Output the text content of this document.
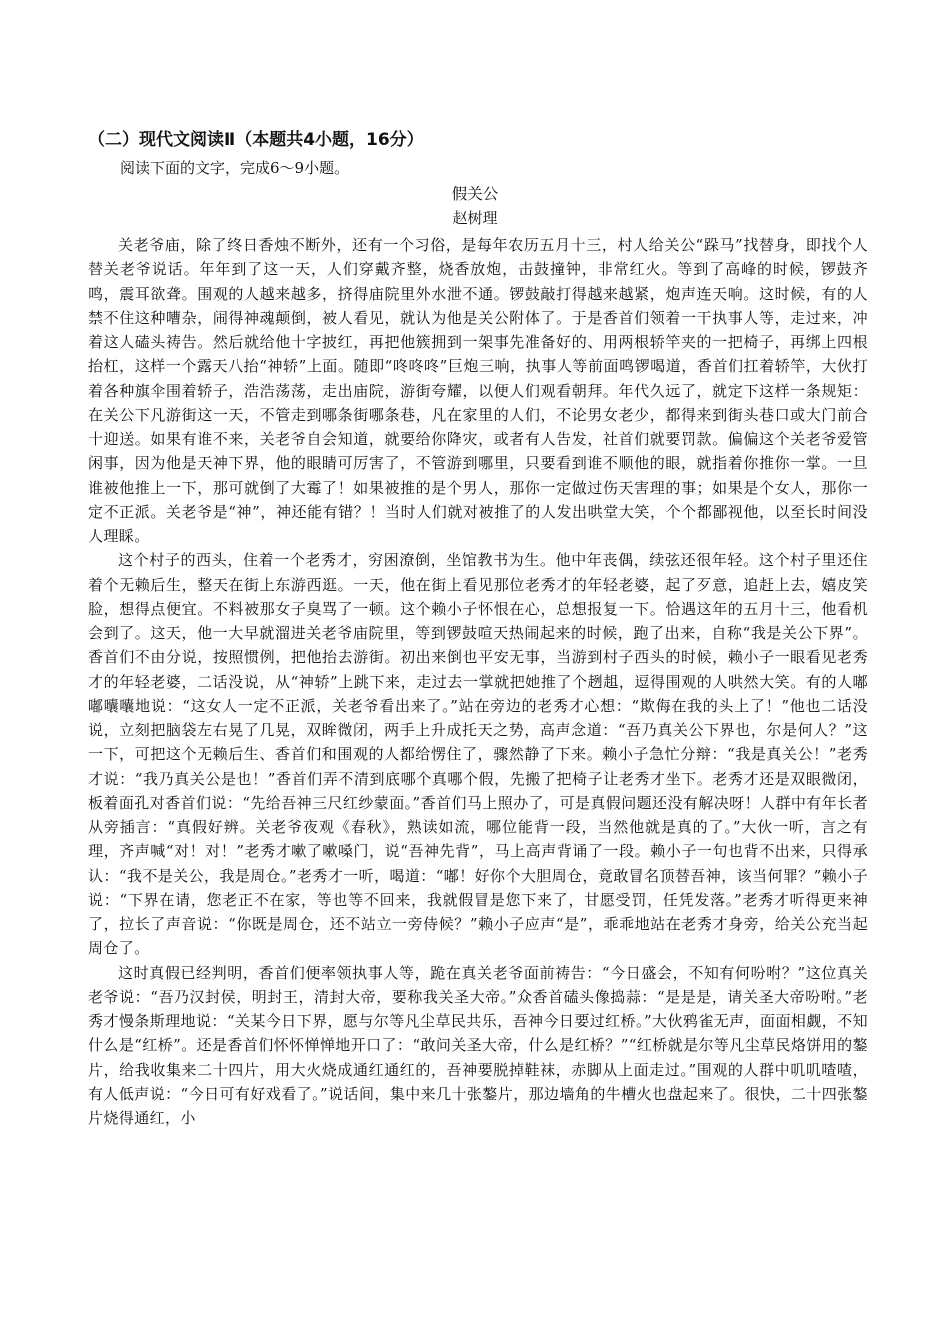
（二）现代文阅读Ⅱ（本题共4小题，16分）
阅读下面的文字，完成6～9小题。
假关公
赵树理

关老爷庙，除了终日香烛不断外，还有一个习俗，是每年农历五月十三，村人给关公“跺马”找替身，即找个人替关老爷说话。年年到了这一天，人们穿戴齐整，烧香放炮，击鼓撞钟，非常红火。等到了高峰的时候，锣鼓齐鸣，震耳欲聋。围观的人越来越多，挤得庙院里外水泄不通。锣鼓敲打得越来越紧，炮声连天响。这时候，有的人禁不住这种嘈杂，闹得神魂颠倒，被人看见，就认为他是关公附体了。于是香首们领着一干执事人等，走过来，冲着这人磕头祷告。然后就给他十字披红，再把他簇拥到一架事先准备好的、用两根轿竿夹的一把椅子，再绑上四根抬杠，这样一个露天八抬“神轿”上面。随即“咚咚咚”巨炮三响，执事人等前面鸣锣喝道，香首们扛着轿竿，大伙打着各种旗伞围着轿子，浩浩荡荡，走出庙院，游街夸耀，以便人们观看朝拜。年代久远了，就定下这样一条规矩：在关公下凡游街这一天，不管走到哪条街哪条巷，凡在家里的人们，不论男女老少，都得来到街头巷口或大门前合十迎送。如果有谁不来，关老爷自会知道，就要给你降灾，或者有人告发，社首们就要罚款。偏偏这个关老爷爱管闲事，因为他是天神下界，他的眼睛可厉害了，不管游到哪里，只要看到谁不顺他的眼，就指着你推你一掌。一旦谁被他推上一下，那可就倒了大霉了！如果被推的是个男人，那你一定做过伤天害理的事；如果是个女人，那你一定不正派。关老爷是“神”，神还能有错？！当时人们就对被推了的人发出哄堂大笑，个个都鄙视他，以至长时间没人理睬。

这个村子的西头，住着一个老秀才，穷困潦倒，坐馆教书为生。他中年丧偶，续弦还很年轻。这个村子里还住着个无赖后生，整天在街上东游西逛。一天，他在街上看见那位老秀才的年轻老婆，起了歹意，追赶上去，嬉皮笑脸，想得点便宜。不料被那女子臭骂了一顿。这个赖小子怀恨在心，总想报复一下。恰遇这年的五月十三，他看机会到了。这天，他一大早就溜进关老爷庙院里，等到锣鼓喧天热闹起来的时候，跑了出来，自称“我是关公下界”。香首们不由分说，按照惯例，把他抬去游街。初出来倒也平安无事，当游到村子西头的时候，赖小子一眼看见老秀才的年轻老婆，二话没说，从“神轿”上跳下来，走过去一掌就把她推了个趔趄，逗得围观的人哄然大笑。有的人嘟嘟囔囔地说：“这女人一定不正派，关老爷看出来了。”站在旁边的老秀才心想：“欺侮在我的头上了！”他也二话没说，立刻把脑袋左右晃了几晃，双眸微闭，两手上升成托天之势，高声念道：“吾乃真关公下界也，尔是何人？”这一下，可把这个无赖后生、香首们和围观的人都给愣住了，骤然静了下来。赖小子急忙分辩：“我是真关公！”老秀才说：“我乃真关公是也！”香首们弄不清到底哪个真哪个假，先搬了把椅子让老秀才坐下。老秀才还是双眼微闭，板着面孔对香首们说：“先给吾神三尺红纱蒙面。”香首们马上照办了，可是真假问题还没有解决呀！人群中有年长者从旁插言：“真假好辨。关老爷夜观《春秋》，熟读如流，哪位能背一段，当然他就是真的了。”大伙一听，言之有理，齐声喊“对！对！”老秀才嗽了嗽嗓门，说“吾神先背”，马上高声背诵了一段。赖小子一句也背不出来，只得承认：“我不是关公，我是周仓。”老秀才一听，喝道：“嘟！好你个大胆周仓，竟敢冒名顶替吾神，该当何罪？”赖小子说：“下界在请，您老正不在家，等也等不回来，我就假冒是您下来了，甘愿受罚，任凭发落。”老秀才听得更来神了，拉长了声音说：“你既是周仓，还不站立一旁侍候？”赖小子应声“是”，乖乖地站在老秀才身旁，给关公充当起周仓了。

这时真假已经判明，香首们便率领执事人等，跪在真关老爷面前祷告：“今日盛会，不知有何吩咐？”这位真关老爷说：“吾乃汉封侯，明封王，清封大帝，要称我关圣大帝。”众香首磕头像捣蒜：“是是是，请关圣大帝吩咐。”老秀才慢条斯理地说：“关某今日下界，愿与尔等凡尘草民共乐，吾神今日要过红桥。”大伙鸦雀无声，面面相觑，不知什么是“红桥”。还是香首们怀怀惮惮地开口了：“敢问关圣大帝，什么是红桥？”“红桥就是尔等凡尘草民烙饼用的鏊片，给我收集来二十四片，用大火烧成通红通红的，吾神要脱掉鞋袜，赤脚从上面走过。”围观的人群中叽叽喳喳，有人低声说：“今日可有好戏看了。”说话间，集中来几十张鏊片，那边墙角的牛槽火也盘起来了。很快，二十四张鏊片烧得通红，小
